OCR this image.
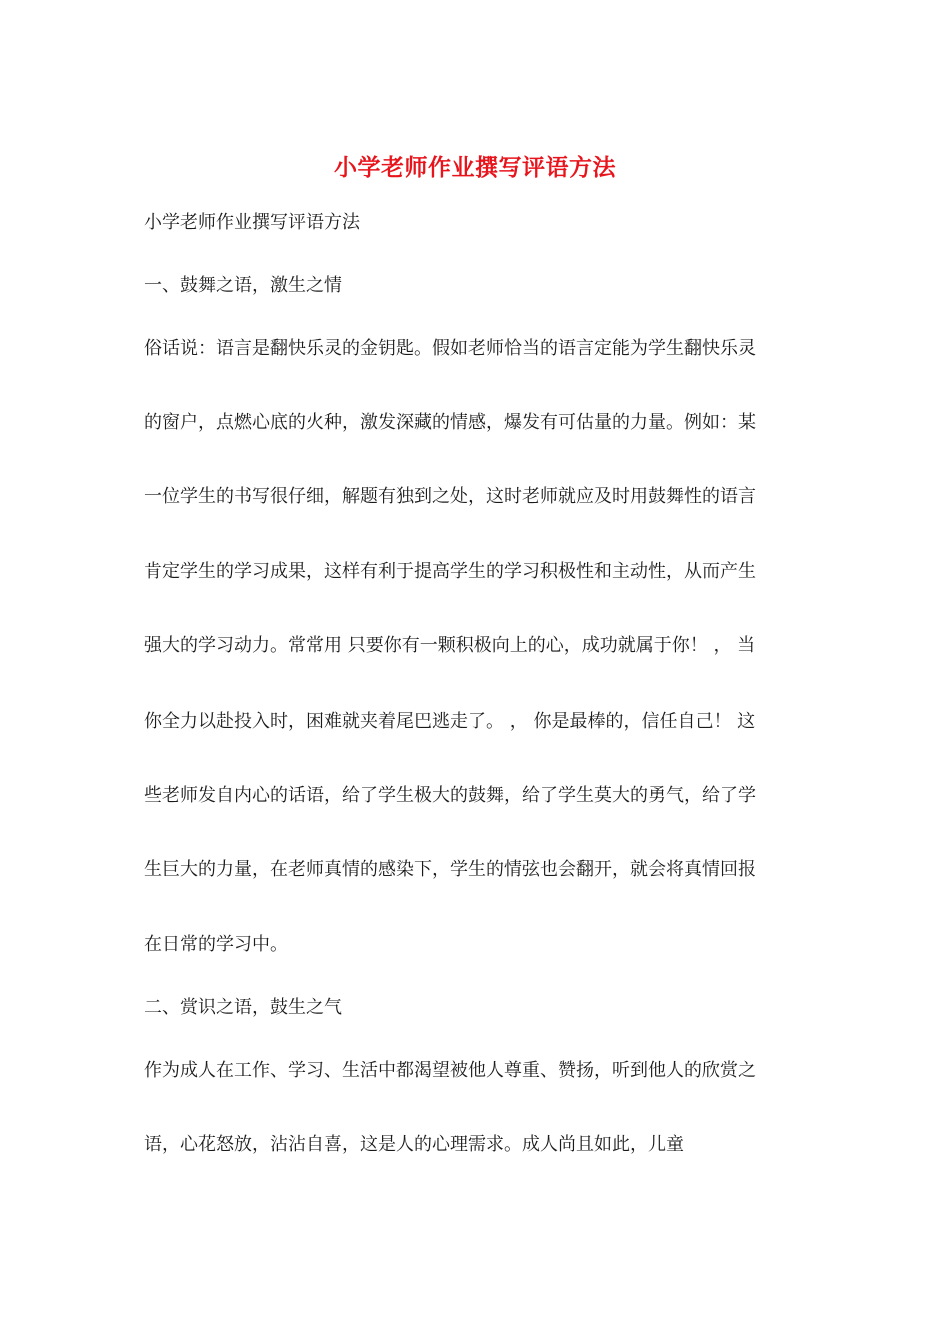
小学老师作业撰写评语方法
小学老师作业撰写评语方法
一、鼓舞之语，激生之情
俗话说：语言是翻快乐灵的金钥匙。假如老师恰当的语言定能为学生翻快乐灵
的窗户，点燃心底的火种，激发深藏的情感，爆发有可估量的力量。例如：某
一位学生的书写很仔细，解题有独到之处，这时老师就应及时用鼓舞性的语言
肯定学生的学习成果，这样有利于提高学生的学习积极性和主动性，从而产生
强大的学习动力。常常用 只要你有一颗积极向上的心，成功就属于你！ ， 当
你全力以赴投入时，困难就夹着尾巴逃走了。 ， 你是最棒的，信任自己！ 这
些老师发自内心的话语，给了学生极大的鼓舞，给了学生莫大的勇气，给了学
生巨大的力量，在老师真情的感染下，学生的情弦也会翻开，就会将真情回报
在日常的学习中。
二、赏识之语，鼓生之气
作为成人在工作、学习、生活中都渴望被他人尊重、赞扬，听到他人的欣赏之
语，心花怒放，沾沾自喜，这是人的心理需求。成人尚且如此，儿童
